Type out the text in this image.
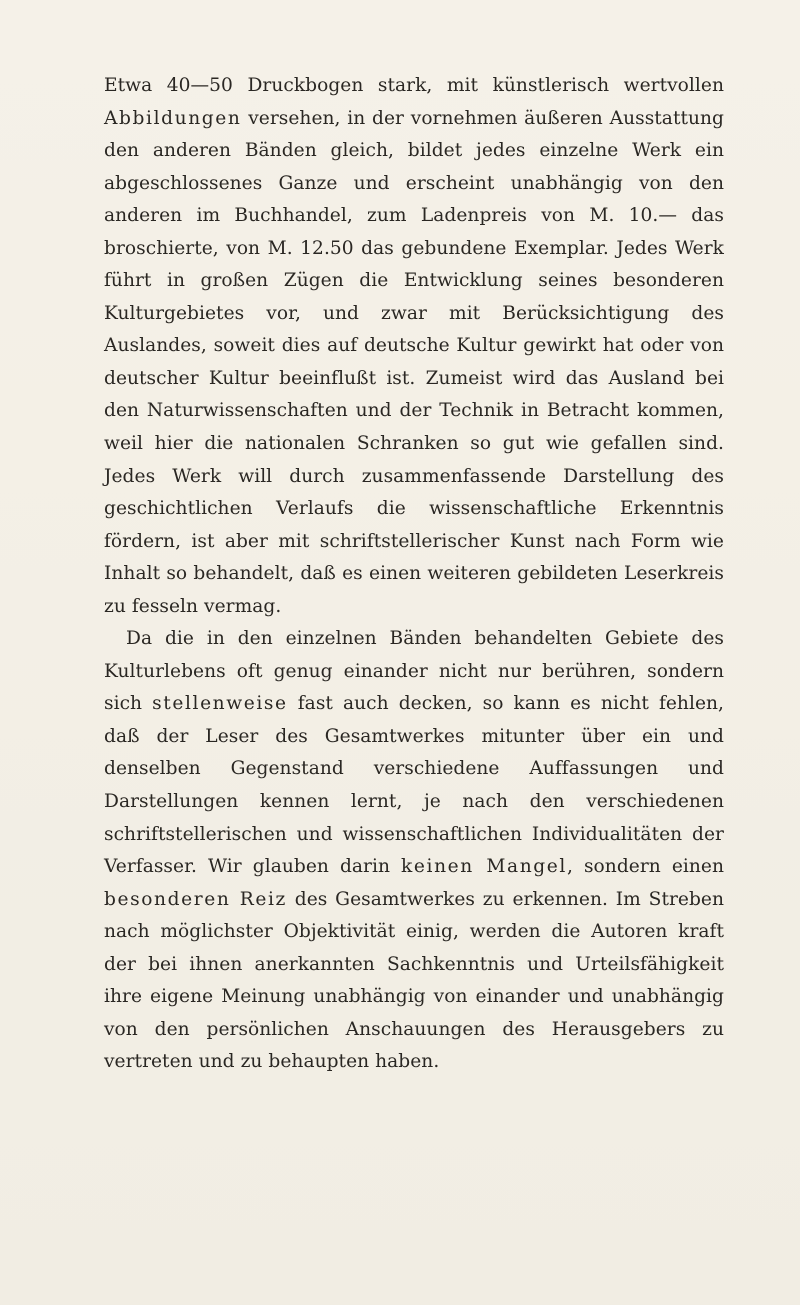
Etwa 40—50 Druckbogen stark, mit künstlerisch wertvollen Abbildungen versehen, in der vornehmen äußeren Ausstattung den anderen Bänden gleich, bildet jedes einzelne Werk ein abgeschlossenes Ganze und erscheint unabhängig von den anderen im Buchhandel, zum Ladenpreis von M. 10.— das broschierte, von M. 12.50 das gebundene Exemplar. Jedes Werk führt in großen Zügen die Entwicklung seines besonderen Kulturgebietes vor, und zwar mit Berücksichtigung des Auslandes, soweit dies auf deutsche Kultur gewirkt hat oder von deutscher Kultur beeinflußt ist. Zumeist wird das Ausland bei den Naturwissenschaften und der Technik in Betracht kommen, weil hier die nationalen Schranken so gut wie gefallen sind. Jedes Werk will durch zusammenfassende Darstellung des geschichtlichen Verlaufs die wissenschaftliche Erkenntnis fördern, ist aber mit schriftstellerischer Kunst nach Form wie Inhalt so behandelt, daß es einen weiteren gebildeten Leserkreis zu fesseln vermag.

Da die in den einzelnen Bänden behandelten Gebiete des Kulturlebens oft genug einander nicht nur berühren, sondern sich stellenweise fast auch decken, so kann es nicht fehlen, daß der Leser des Gesamtwerkes mitunter über ein und denselben Gegenstand verschiedene Auffassungen und Darstellungen kennen lernt, je nach den verschiedenen schriftstellerischen und wissenschaftlichen Individualitäten der Verfasser. Wir glauben darin keinen Mangel, sondern einen besonderen Reiz des Gesamtwerkes zu erkennen. Im Streben nach möglichster Objektivität einig, werden die Autoren kraft der bei ihnen anerkannten Sachkenntnis und Urteilsfähigkeit ihre eigene Meinung unabhängig von einander und unabhängig von den persönlichen Anschauungen des Herausgebers zu vertreten und zu behaupten haben.
